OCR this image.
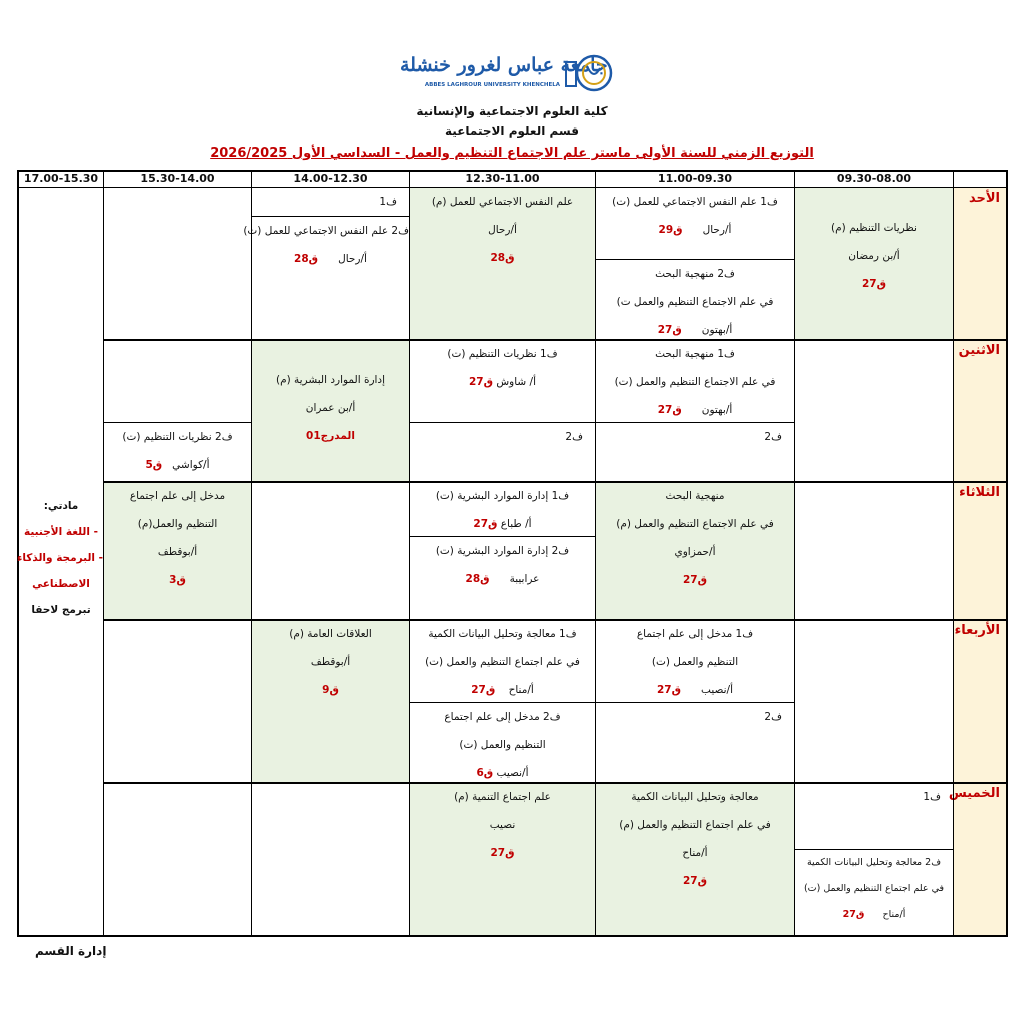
جامعة عباس لغرور خنشلة
ABBES LAGHROUR UNIVERSITY KHENCHELA
كلية العلوم الاجتماعية والإنسانية
قسم العلوم الاجتماعية
التوزيع الزمني للسنة الأولى ماستر علم الاجتماع التنظيم والعمل - السداسي الأول 2026/2025
09.30-08.00
11.00-09.30
12.30-11.00
14.00-12.30
15.30-14.00
17.00-15.30
الأحد
الاثنين
الثلاثاء
الأربعاء
الخميس
مادتي:
- اللغة الأجنبية
- البرمجة والذكاء
الاصطناعي
تبرمج لاحقا
نظريات التنظيم (م)
أ/بن رمضان
ق27
ف1 علم النفس الاجتماعي للعمل (ت)
أ/رحال      ق29
ف2 منهجية البحث
في علم الاجتماع التنظيم والعمل ت)
أ/بهتون      ق27
علم النفس الاجتماعي للعمل (م)
أ/رحال
ق28
ف1
ف2 علم النفس الاجتماعي للعمل (ت)
أ/رحال      ق28
ف1 منهجية البحث
في علم الاجتماع التنظيم والعمل (ت)
أ/بهتون      ق27
ف2
ف1 نظريات التنظيم (ت)
أ/ شاوش ق27
ف2
إدارة الموارد البشرية (م)
أ/بن عمران
المدرج01
ف2 نظريات التنظيم (ت)
أ/كواشي   ق5
منهجية البحث
في علم الاجتماع التنظيم والعمل (م)
أ/حمزاوي
ق27
ف1 إدارة الموارد البشرية (ت)
أ/ طباع ق27
ف2 إدارة الموارد البشرية (ت)
عرابيبة      ق28
مدخل إلى علم اجتماع
التنظيم والعمل(م)
أ/بوقطف
ق3
ف1 مدخل إلى علم اجتماع
التنظيم والعمل (ت)
أ/نصيب      ق27
ف2
ف1 معالجة وتحليل البيانات الكمية
في علم اجتماع التنظيم والعمل (ت)
أ/مناح    ق27
ف2 مدخل إلى علم اجتماع
التنظيم والعمل (ت)
أ/نصيب ق6
العلاقات العامة (م)
أ/بوقطف
ق9
ف1
ف2 معالجة وتحليل البيانات الكمية
في علم اجتماع التنظيم والعمل (ت)
أ/مناح      ق27
معالجة وتحليل البيانات الكمية
في علم اجتماع التنظيم والعمل (م)
أ/مناح
ق27
علم اجتماع التنمية (م)
نصيب
ق27
إدارة القسم
